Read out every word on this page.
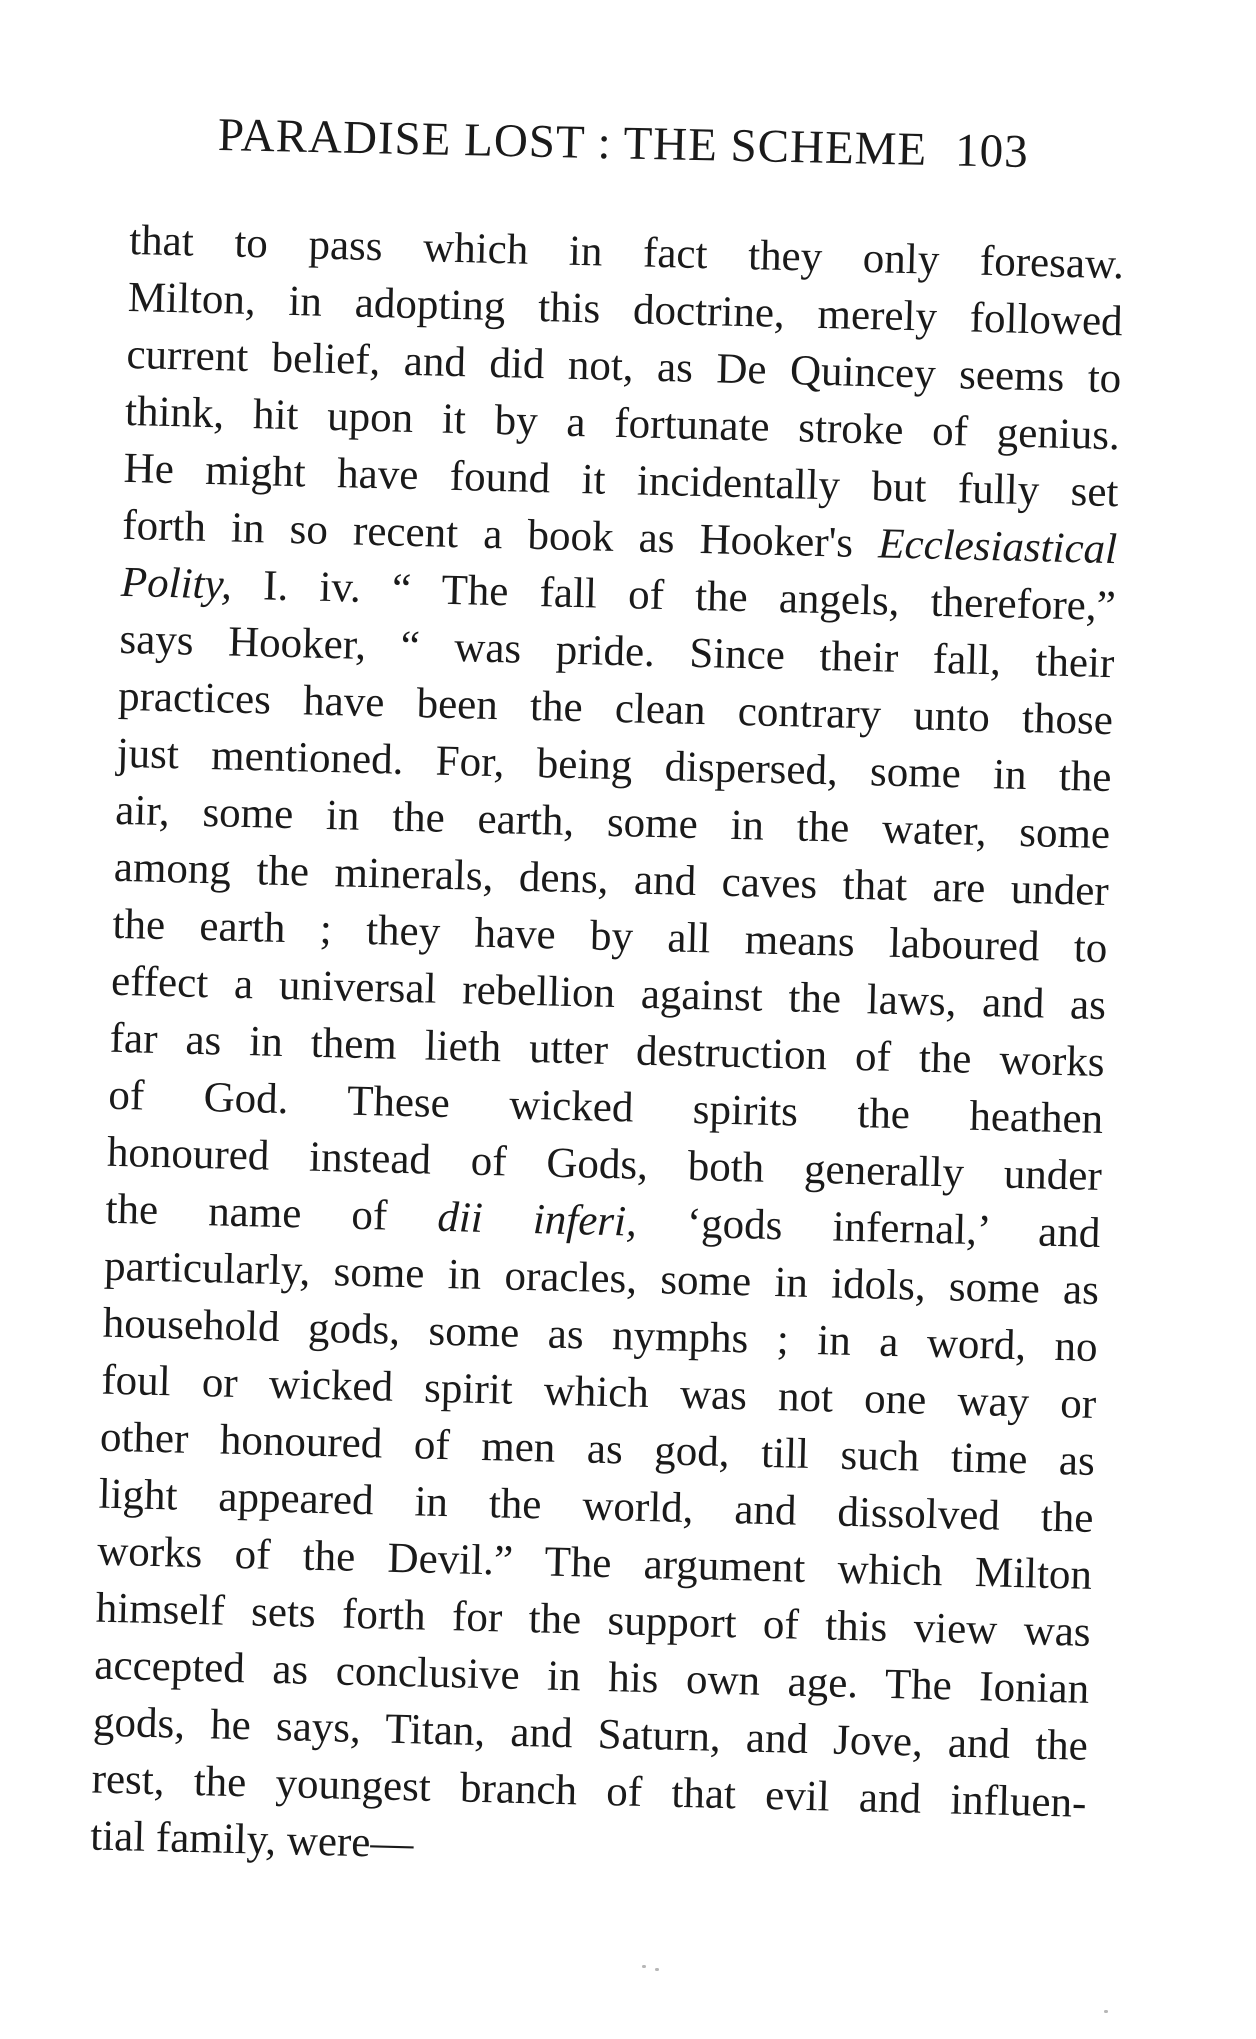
PARADISE LOST : THE SCHEME 103
that to pass which in fact they only foresaw.
Milton, in adopting this doctrine, merely followed
current belief, and did not, as De Quincey seems to
think, hit upon it by a fortunate stroke of genius.
He might have found it incidentally but fully set
forth in so recent a book as Hooker's Ecclesiastical
Polity, I. iv. “ The fall of the angels, therefore,”
says Hooker, “ was pride. Since their fall, their
practices have been the clean contrary unto those
just mentioned. For, being dispersed, some in the
air, some in the earth, some in the water, some
among the minerals, dens, and caves that are under
the earth ; they have by all means laboured to
effect a universal rebellion against the laws, and as
far as in them lieth utter destruction of the works
of God. These wicked spirits the heathen
honoured instead of Gods, both generally under
the name of dii inferi, ‘gods infernal,’ and
particularly, some in oracles, some in idols, some as
household gods, some as nymphs ; in a word, no
foul or wicked spirit which was not one way or
other honoured of men as god, till such time as
light appeared in the world, and dissolved the
works of the Devil.” The argument which Milton
himself sets forth for the support of this view was
accepted as conclusive in his own age. The Ionian
gods, he says, Titan, and Saturn, and Jove, and the
rest, the youngest branch of that evil and influen-
tial family, were—
